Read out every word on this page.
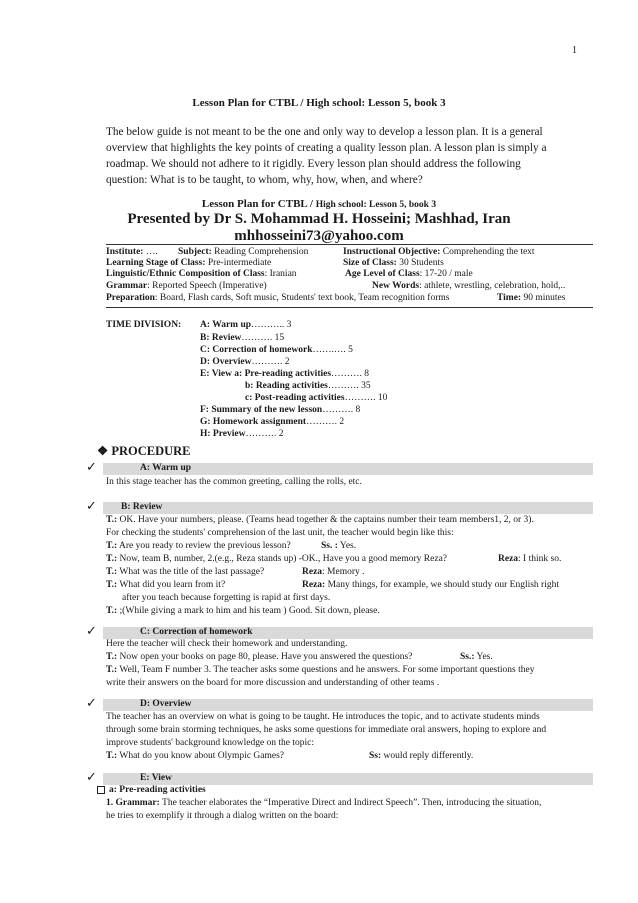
1
Lesson Plan for CTBL / High school: Lesson 5, book 3
The below guide is not meant to be the one and only way to develop a lesson plan. It is a general
overview that highlights the key points of creating a quality lesson plan. A lesson plan is simply a
roadmap. We should not adhere to it rigidly. Every lesson plan should address the following
question: What is to be taught, to whom, why, how, when, and where?
Lesson Plan for CTBL / High school: Lesson 5, book 3
Presented by Dr S. Mohammad H. Hosseini; Mashhad, Iran
mhhosseini73@yahoo.com
Institute: …. Subject: Reading Comprehension	Instructional Objective: Comprehending the text
Learning Stage of Class: Pre-intermediate	Size of Class: 30 Students
Linguistic/Ethnic Composition of Class: Iranian	Age Level of Class: 17-20 / male
Grammar: Reported Speech (Imperative)	New Words: athlete, wrestling, celebration, hold,..
Preparation: Board, Flash cards, Soft music, Students' text book, Team recognition forms	Time: 90 minutes
TIME DIVISION: A: Warm up……….. 3
B: Review………. 15
C: Correction of homework…….…. 5
D: Overview………. 2
E: View a: Pre-reading activities………. 8
b: Reading activities………. 35
c: Post-reading activities………. 10
F: Summary of the new lesson………. 8
G: Homework assignment………. 2
H: Preview………. 2
❖ PROCEDURE
✓	A: Warm up
In this stage teacher has the common greeting, calling the rolls, etc.
✓	B: Review
T.: OK. Have your numbers, please. (Teams head together & the captains number their team members1, 2, or 3).
For checking the students' comprehension of the last unit, the teacher would begin like this:
T.: Are you ready to review the previous lesson?	Ss. : Yes.
T.: Now, team B, number, 2.(e.g., Reza stands up) -OK., Have you a good memory Reza?	Reza: I think so.
T.: What was the title of the last passage?	Reza: Memory .
T.: What did you learn from it?	Reza: Many things, for example, we should study our English right
after you teach because forgetting is rapid at first days.
T.: ;(While giving a mark to him and his team ) Good. Sit down, please.
✓	C: Correction of homework
Here the teacher will check their homework and understanding.
T.: Now open your books on page 80, please. Have you answered the questions?	Ss.: Yes.
T.: Well, Team F number 3. The teacher asks some questions and he answers. For some important questions they
write their answers on the board for more discussion and understanding of other teams .
✓	D: Overview
The teacher has an overview on what is going to be taught. He introduces the topic, and to activate students minds
through some brain storming techniques, he asks some questions for immediate oral answers, hoping to explore and
improve students' background knowledge on the topic:
T.: What do you know about Olympic Games?	Ss: would reply differently.
✓	E: View
a: Pre-reading activities
1. Grammar: The teacher elaborates the “Imperative Direct and Indirect Speech”. Then, introducing the situation,
he tries to exemplify it through a dialog written on the board:
